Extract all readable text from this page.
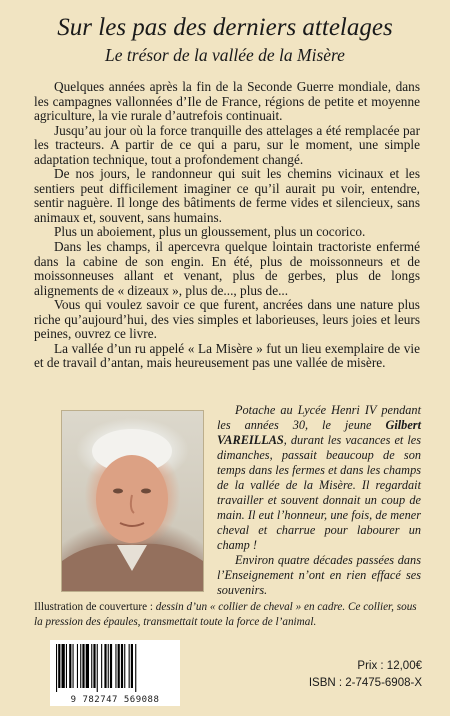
Sur les pas des derniers attelages
Le trésor de la vallée de la Misère

Quelques années après la fin de la Seconde Guerre mondiale, dans les campagnes vallonnées d’Ile de France, régions de petite et moyenne agriculture, la vie rurale d’autrefois continuait.

Jusqu’au jour où la force tranquille des attelages a été remplacée par les tracteurs. A partir de ce qui a paru, sur le moment, une simple adaptation technique, tout a profondement changé.

De nos jours, le randonneur qui suit les chemins vicinaux et les sentiers peut difficilement imaginer ce qu’il aurait pu voir, entendre, sentir naguère. Il longe des bâtiments de ferme vides et silencieux, sans animaux et, souvent, sans humains.

Plus un aboiement, plus un gloussement, plus un cocorico.

Dans les champs, il apercevra quelque lointain tractoriste enfermé dans la cabine de son engin. En été, plus de moissonneurs et de moissonneuses allant et venant, plus de gerbes, plus de longs alignements de « dizeaux », plus de..., plus de...

Vous qui voulez savoir ce que furent, ancrées dans une nature plus riche qu’aujourd’hui, des vies simples et laborieuses, leurs joies et leurs peines, ouvrez ce livre.

La vallée d’un ru appelé « La Misère » fut un lieu exemplaire de vie et de travail d’antan, mais heureusement pas une vallée de misère.

Potache au Lycée Henri IV pendant les années 30, le jeune Gilbert VAREILLAS, durant les vacances et les dimanches, passait beaucoup de son temps dans les fermes et dans les champs de la vallée de la Misère. Il regardait travailler et souvent donnait un coup de main. Il eut l’honneur, une fois, de mener cheval et charrue pour labourer un champ !

Environ quatre décades passées dans l’Enseignement n’ont en rien effacé ses souvenirs.

Illustration de couverture : dessin d’un « collier de cheval » en cadre. Ce collier, sous la pression des épaules, transmettait toute la force de l’animal.
9 782747 569088
Prix : 12,00€
ISBN : 2-7475-6908-X
